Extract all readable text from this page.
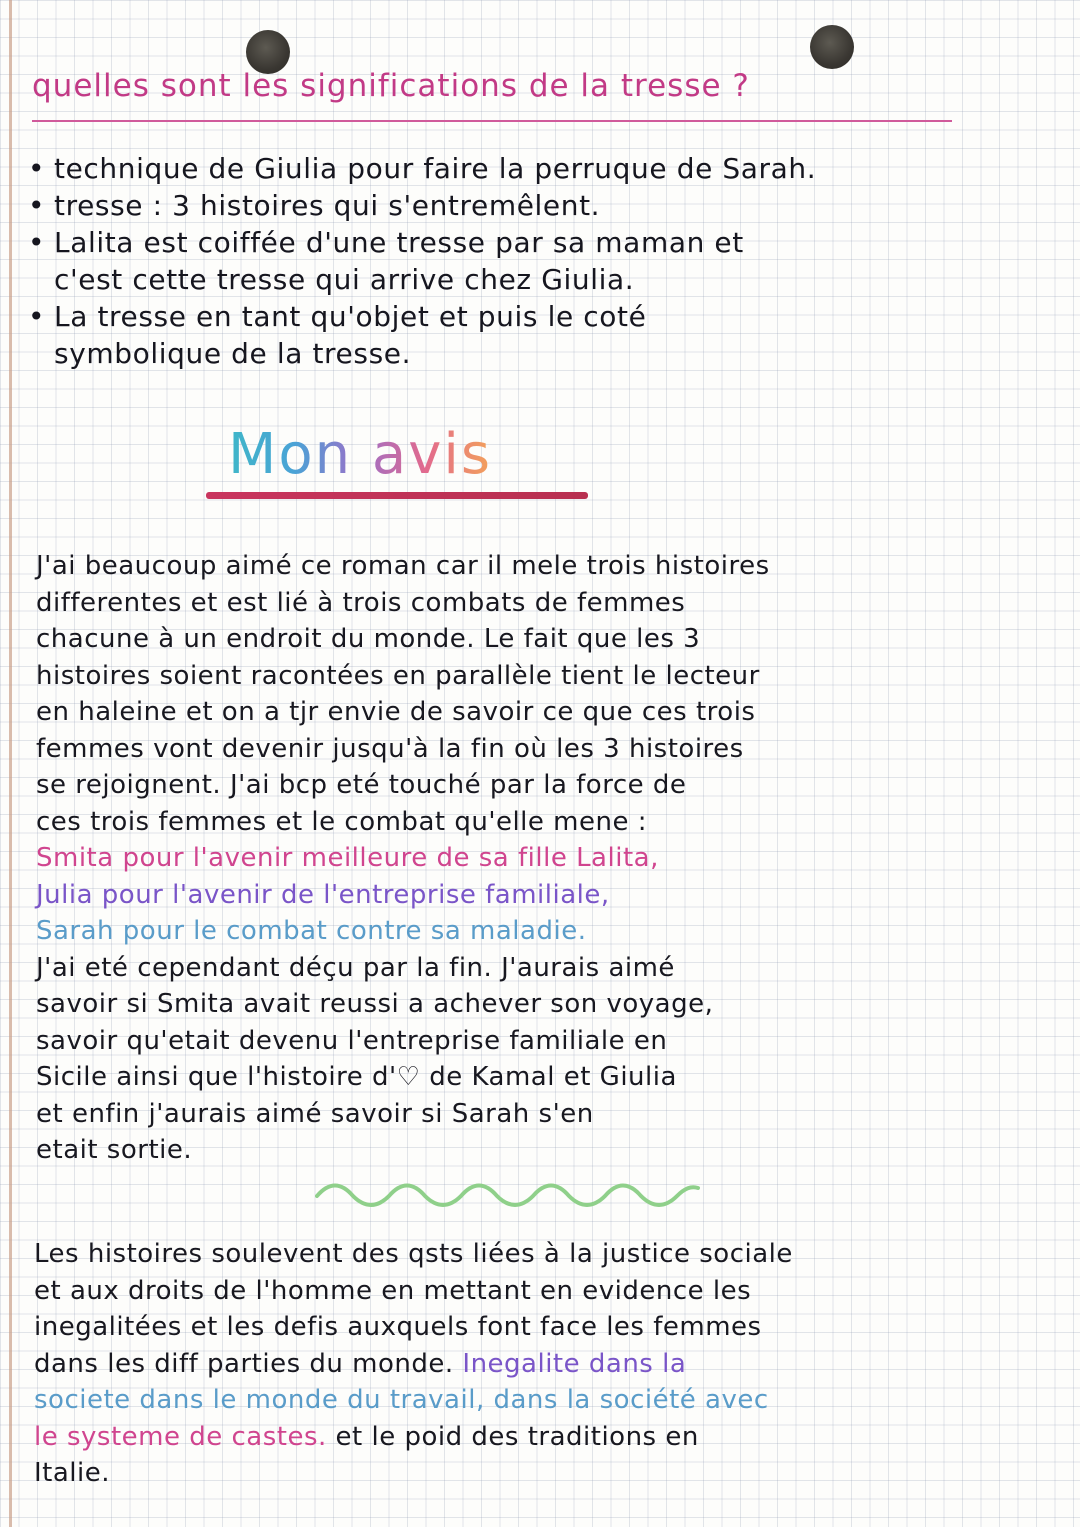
quelles sont les significations de la tresse ?
• technique de Giulia pour faire la perruque de Sarah.
• tresse : 3 histoires qui s'entremêlent.
• Lalita est coiffée d'une tresse par sa maman et
c'est cette tresse qui arrive chez Giulia.
• La tresse en tant qu'objet et puis le coté
symbolique de la tresse.
Mon avis
J'ai beaucoup aimé ce roman car il mele trois histoires
differentes et est lié à trois combats de femmes
chacune à un endroit du monde. Le fait que les 3
histoires soient racontées en parallèle tient le lecteur
en haleine et on a tjr envie de savoir ce que ces trois
femmes vont devenir jusqu'à la fin où les 3 histoires
se rejoignent. J'ai bcp eté touché par la force de
ces trois femmes et le combat qu'elle mene :
Smita pour l'avenir meilleure de sa fille Lalita,
Julia pour l'avenir de l'entreprise familiale,
Sarah pour le combat contre sa maladie.
J'ai eté cependant déçu par la fin. J'aurais aimé
savoir si Smita avait reussi a achever son voyage,
savoir qu'etait devenu l'entreprise familiale en
Sicile ainsi que l'histoire d'♡ de Kamal et Giulia
et enfin j'aurais aimé savoir si Sarah s'en
etait sortie.
Les histoires soulevent des qsts liées à la justice sociale
et aux droits de l'homme en mettant en evidence les
inegalitées et les defis auxquels font face les femmes
dans les diff parties du monde. Inegalite dans la
societe dans le monde du travail, dans la société avec
le systeme de castes. et le poid des traditions en
Italie.
